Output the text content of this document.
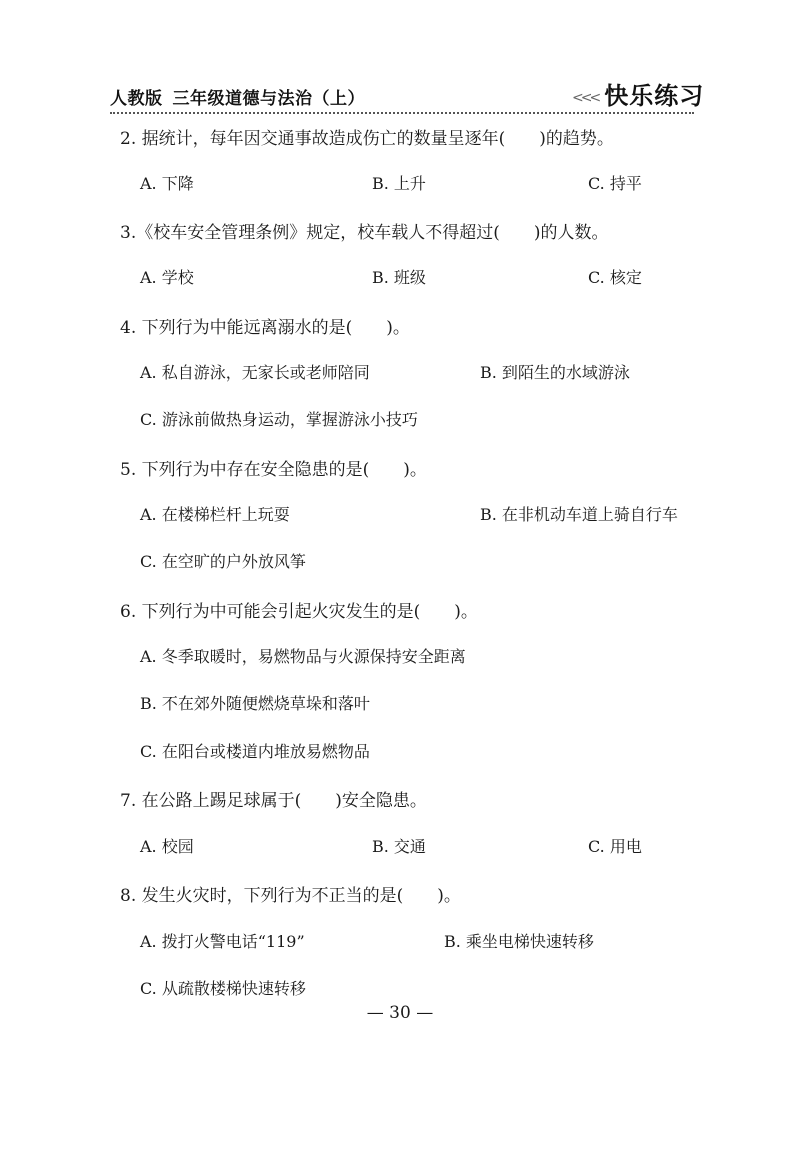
人教版 三年级道德与法治（上）	<<< 快乐练习
2. 据统计，每年因交通事故造成伤亡的数量呈逐年(　　)的趋势。
A. 下降	B. 上升	C. 持平
3.《校车安全管理条例》规定，校车载人不得超过(　　)的人数。
A. 学校	B. 班级	C. 核定
4. 下列行为中能远离溺水的是(　　)。
A. 私自游泳，无家长或老师陪同	B. 到陌生的水域游泳
C. 游泳前做热身运动，掌握游泳小技巧
5. 下列行为中存在安全隐患的是(　　)。
A. 在楼梯栏杆上玩耍	B. 在非机动车道上骑自行车
C. 在空旷的户外放风筝
6. 下列行为中可能会引起火灾发生的是(　　)。
A. 冬季取暖时，易燃物品与火源保持安全距离
B. 不在郊外随便燃烧草垛和落叶
C. 在阳台或楼道内堆放易燃物品
7. 在公路上踢足球属于(　　)安全隐患。
A. 校园	B. 交通	C. 用电
8. 发生火灾时，下列行为不正当的是(　　)。
A. 拨打火警电话“119”	B. 乘坐电梯快速转移
C. 从疏散楼梯快速转移
— 30 —
